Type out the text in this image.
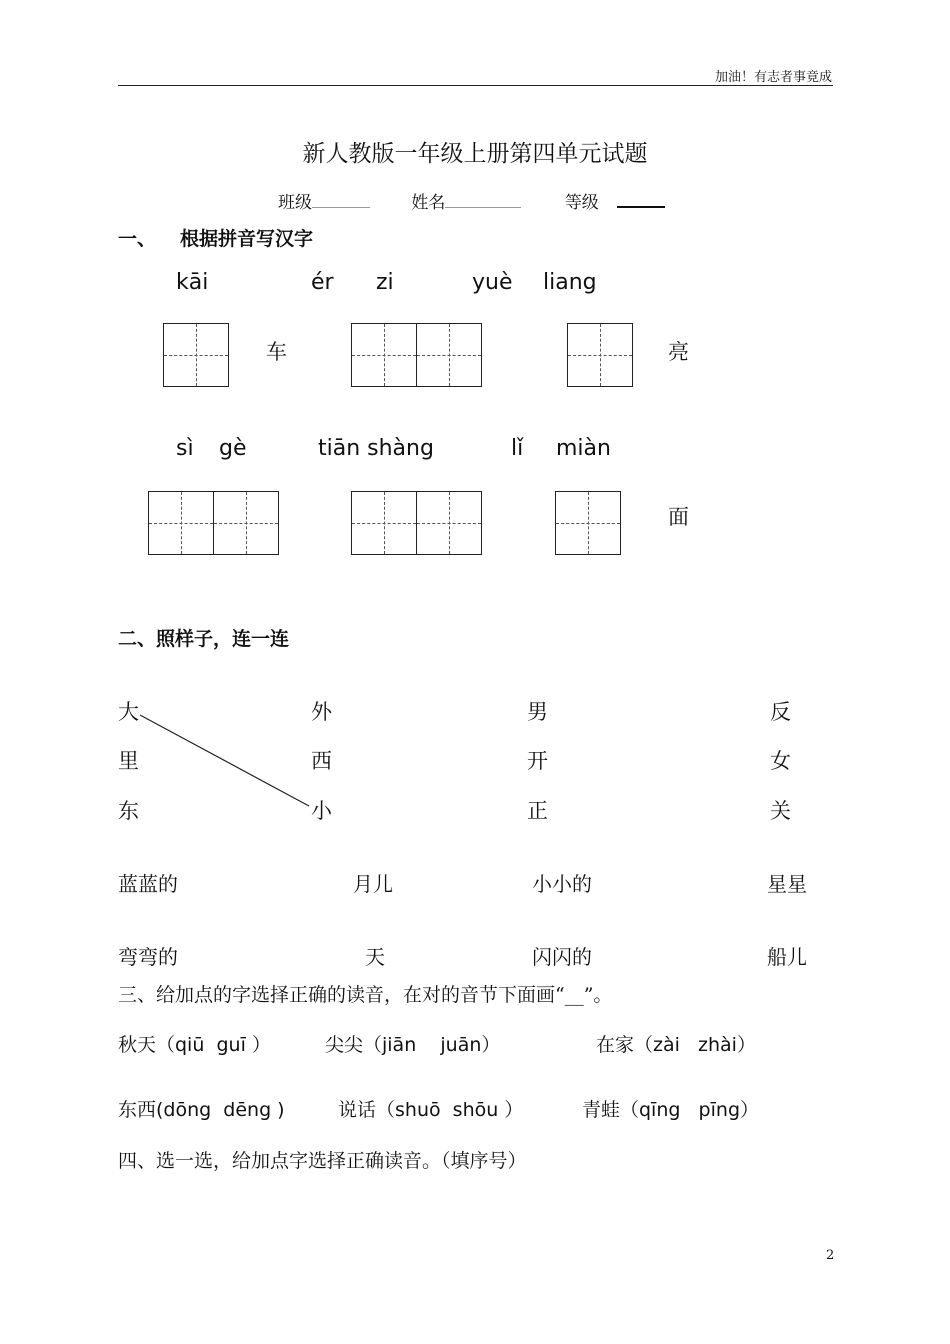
加油！有志者事竟成
新人教版一年级上册第四单元试题
班级	姓名	等级
一、 根据拼音写汉字
kāi	ér zi	yuè liang
车	亮
sì gè	tiān shàng	lǐ miàn
面
二、照样子，连一连
大	外	男	反
里	西	开	女
东	小	正	关
蓝蓝的	月儿	小小的	星星
弯弯的	天	闪闪的	船儿
三、给加点的字选择正确的读音，在对的音节下面画“__”。
秋天（qiū  guī ）	尖尖（jiān    juān）	在家（zài   zhài）
东西(dōng  dēng )	说话（shuō  shōu ）	青蛙（qīng   pīng）
四、选一选，给加点字选择正确读音。（填序号）
2
